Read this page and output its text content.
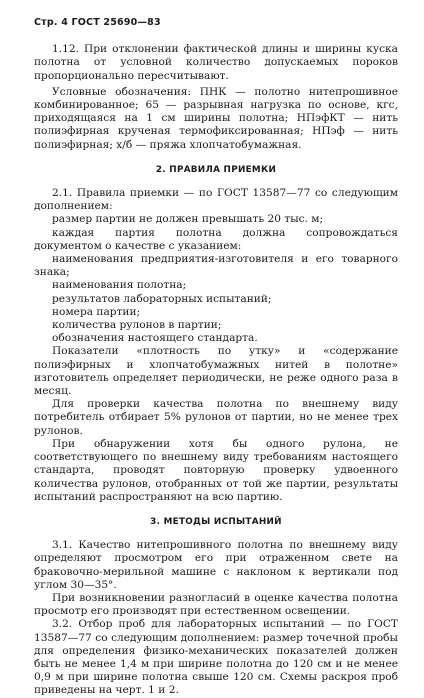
Стр. 4 ГОСТ 25690—83

1.12. При отклонении фактической длины и ширины куска полотна от условной количество допускаемых пороков пропорционально пересчитывают.

Условные обозначения: ПНК — полотно нитепрошивное комбинированное; 65 — разрывная нагрузка по основе, кгс, приходящаяся на 1 см ширины полотна; НПэфКТ — нить полиэфирная крученая термофиксированная; НПэф — нить полиэфирная; х/б — пряжа хлопчатобумажная.

2. ПРАВИЛА ПРИЕМКИ

2.1. Правила приемки — по ГОСТ 13587—77 со следующим дополнением:

размер партии не должен превышать 20 тыс. м;

каждая партия полотна должна сопровождаться документом о качестве с указанием:

наименования предприятия-изготовителя и его товарного знака;

наименования полотна;

результатов лабораторных испытаний;

номера партии;

количества рулонов в партии;

обозначения настоящего стандарта.

Показатели «плотность по утку» и «содержание полиэфирных и хлопчатобумажных нитей в полотне» изготовитель определяет периодически, не реже одного раза в месяц.

Для проверки качества полотна по внешнему виду потребитель отбирает 5% рулонов от партии, но не менее трех рулонов.

При обнаружении хотя бы одного рулона, не соответствующего по внешнему виду требованиям настоящего стандарта, проводят повторную проверку удвоенного количества рулонов, отобранных от той же партии, результаты испытаний распространяют на всю партию.

3. МЕТОДЫ ИСПЫТАНИЙ

3.1. Качество нитепрошивного полотна по внешнему виду определяют просмотром его при отраженном свете на браковочно-мерильной машине с наклоном к вертикали под углом 30—35°.

При возникновении разногласий в оценке качества полотна просмотр его производят при естественном освещении.

3.2. Отбор проб для лабораторных испытаний — по ГОСТ 13587—77 со следующим дополнением: размер точечной пробы для определения физико-механических показателей должен быть не менее 1,4 м при ширине полотна до 120 см и не менее 0,9 м при ширине полотна свыше 120 см. Схемы раскроя проб приведены на черт. 1 и 2.
